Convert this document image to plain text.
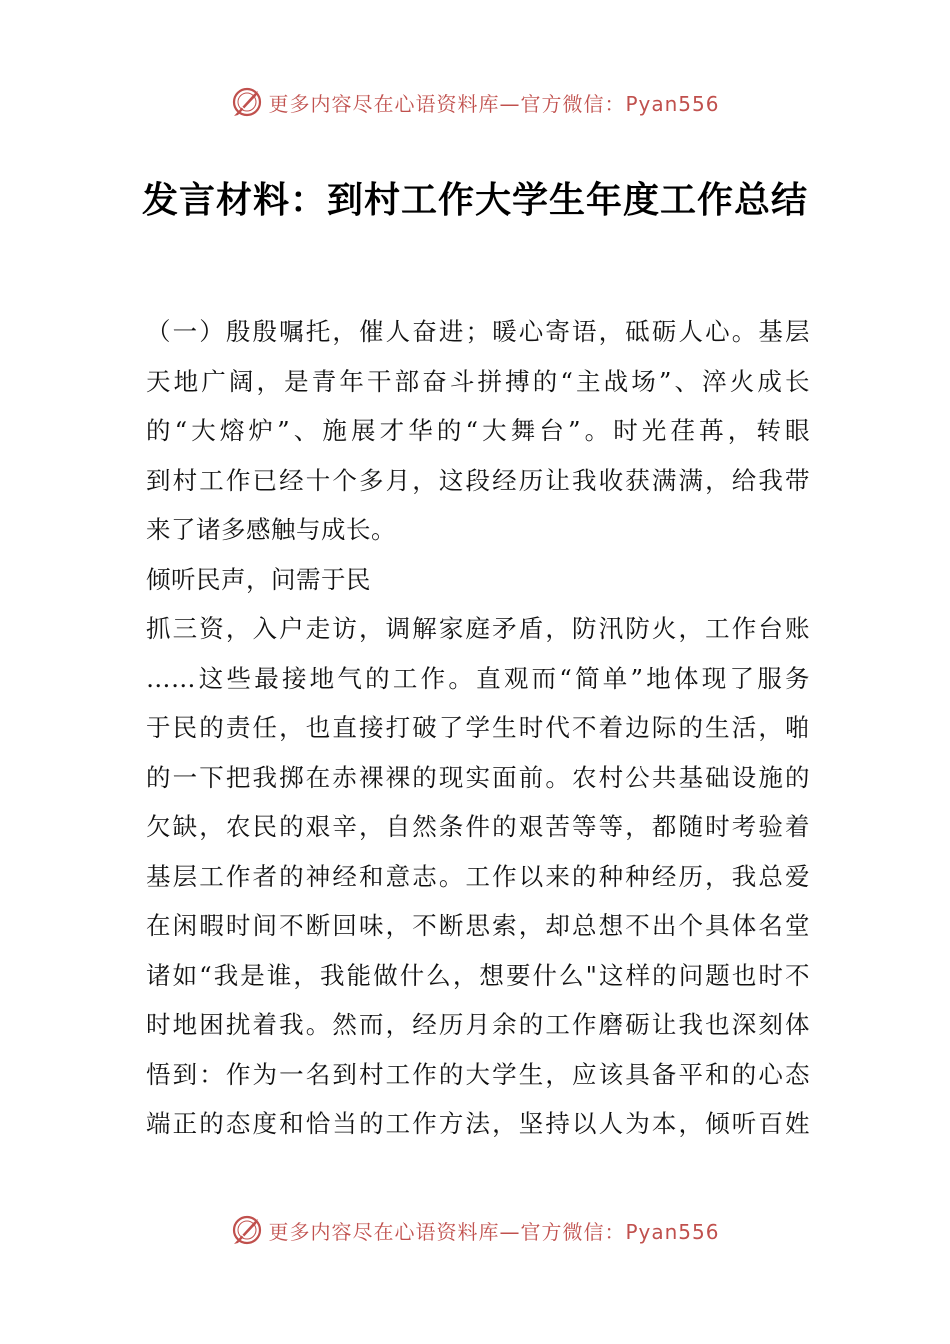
更多内容尽在心语资料库—官方微信：Pyan556
发言材料：到村工作大学生年度工作总结
（一）殷殷嘱托，催人奋进；暖心寄语，砥砺人心。基层
天地广阔，是青年干部奋斗拼搏的“主战场”、淬火成长
的“大熔炉”、施展才华的“大舞台”。时光荏苒，转眼
到村工作已经十个多月，这段经历让我收获满满，给我带
来了诸多感触与成长。
倾听民声，问需于民
抓三资，入户走访，调解家庭矛盾，防汛防火，工作台账
……这些最接地气的工作。直观而“简单”地体现了服务
于民的责任，也直接打破了学生时代不着边际的生活，啪
的一下把我掷在赤裸裸的现实面前。农村公共基础设施的
欠缺，农民的艰辛，自然条件的艰苦等等，都随时考验着
基层工作者的神经和意志。工作以来的种种经历，我总爱
在闲暇时间不断回味，不断思索，却总想不出个具体名堂
诸如“我是谁，我能做什么，想要什么"这样的问题也时不
时地困扰着我。然而，经历月余的工作磨砺让我也深刻体
悟到：作为一名到村工作的大学生，应该具备平和的心态
端正的态度和恰当的工作方法，坚持以人为本，倾听百姓
更多内容尽在心语资料库—官方微信：Pyan556
